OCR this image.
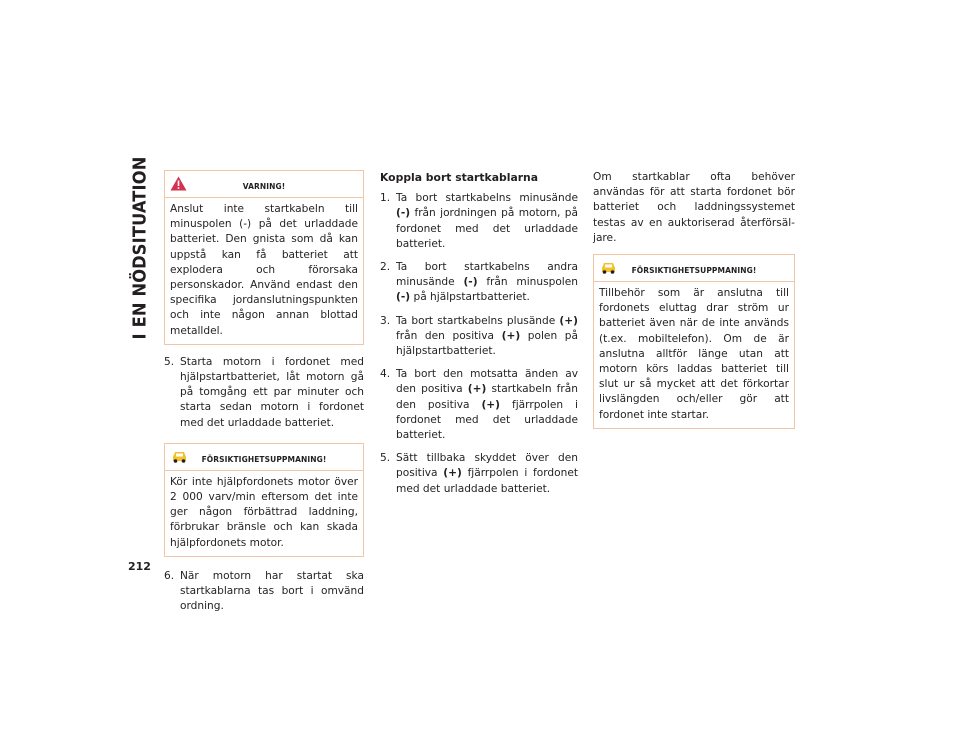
I EN NÖDSITUATION
212
VARNING!
Anslut inte startkabeln till minuspolen (-) på det urladdade batteriet. Den gnista som då kan uppstå kan få batteriet att explodera och förorsaka personskador. Använd endast den specifika jordanslutningspunkten och inte någon annan blottad metalldel.
5. Starta motorn i fordonet med hjälpstartbatteriet, låt motorn gå på tomgång ett par minuter och starta sedan motorn i fordonet med det urladdade batteriet.
FÖRSIKTIGHETSUPPMANING!
Kör inte hjälpfordonets motor över 2 000 varv/min eftersom det inte ger någon förbättrad laddning, förbrukar bränsle och kan skada hjälpfordonets motor.
6. När motorn har startat ska startkablarna tas bort i omvänd ordning.

Koppla bort startkablarna

1. Ta bort startkabelns minusände (-) från jordningen på motorn, på fordonet med det urladdade batteriet.
2. Ta bort startkabelns andra minusände (-) från minuspolen (-) på hjälpstartbatteriet.
3. Ta bort startkabelns plusände (+) från den positiva (+) polen på hjälpstartbatteriet.
4. Ta bort den motsatta änden av den positiva (+) startkabeln från den positiva (+) fjärrpolen i fordonet med det urladdade batteriet.
5. Sätt tillbaka skyddet över den positiva (+) fjärrpolen i fordonet med det urladdade batteriet.

Om startkablar ofta behöver användas för att starta fordonet bör batteriet och laddningssystemet testas av en auktoriserad återförsäljare.

FÖRSIKTIGHETSUPPMANING!
Tillbehör som är anslutna till fordonets eluttag drar ström ur batteriet även när de inte används (t.ex. mobiltelefon). Om de är anslutna alltför länge utan att motorn körs laddas batteriet till slut ur så mycket att det förkortar livslängden och/eller gör att fordonet inte startar.
